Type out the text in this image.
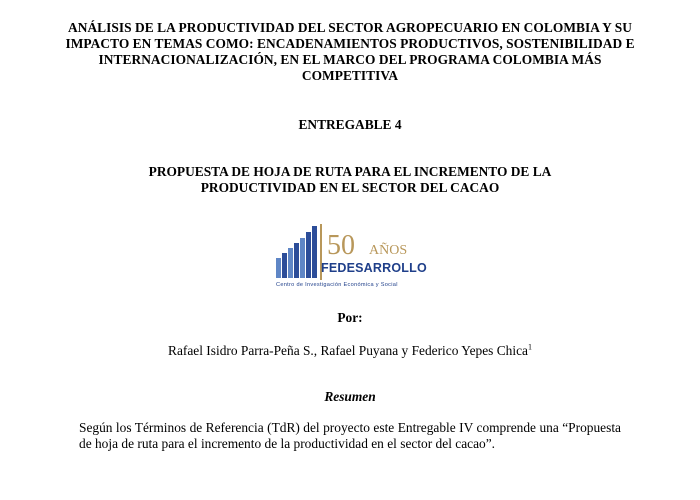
ANÁLISIS DE LA PRODUCTIVIDAD DEL SECTOR AGROPECUARIO EN COLOMBIA Y SU IMPACTO EN TEMAS COMO: ENCADENAMIENTOS PRODUCTIVOS, SOSTENIBILIDAD E INTERNACIONALIZACIÓN, EN EL MARCO DEL PROGRAMA COLOMBIA MÁS COMPETITIVA
ENTREGABLE 4
PROPUESTA DE HOJA DE RUTA PARA EL INCREMENTO DE LA PRODUCTIVIDAD EN EL SECTOR DEL CACAO
50 AÑOS
FEDESARROLLO
Centro de Investigación Económica y Social
Por:
Rafael Isidro Parra-Peña S., Rafael Puyana y Federico Yepes Chica$^1$
Resumen
Según los Términos de Referencia (TdR) del proyecto este Entregable IV comprende una “Propuesta de hoja de ruta para el incremento de la productividad en el sector del cacao”.
